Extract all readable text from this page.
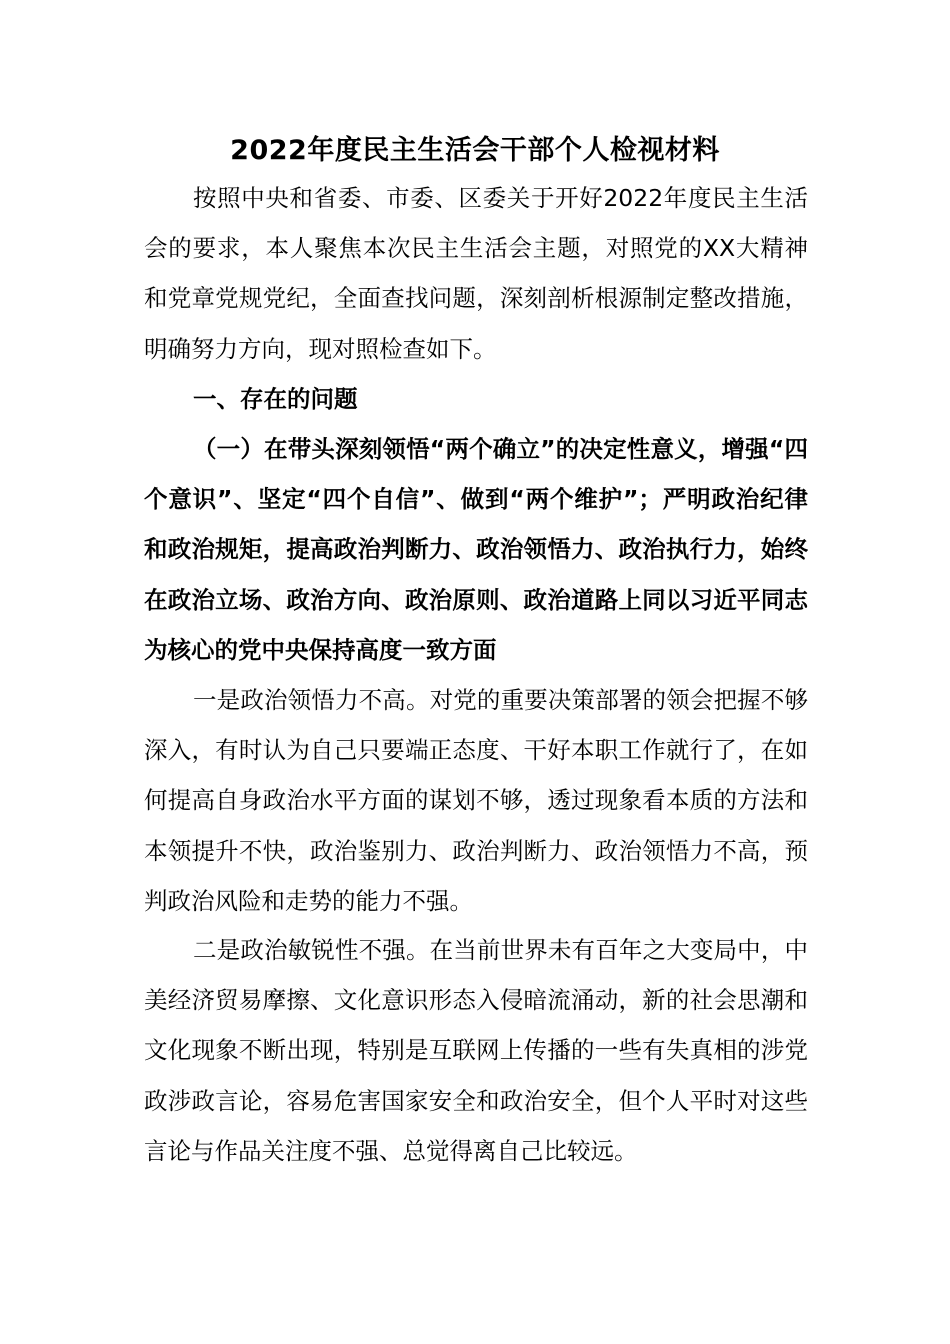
2022年度民主生活会干部个人检视材料

按照中央和省委、市委、区委关于开好2022年度民主生活会的要求，本人聚焦本次民主生活会主题，对照党的XX大精神和党章党规党纪，全面查找问题，深刻剖析根源制定整改措施，明确努力方向，现对照检查如下。

一、存在的问题

（一）在带头深刻领悟“两个确立”的决定性意义，增强“四个意识”、坚定“四个自信”、做到“两个维护”；严明政治纪律和政治规矩，提高政治判断力、政治领悟力、政治执行力，始终在政治立场、政治方向、政治原则、政治道路上同以习近平同志为核心的党中央保持高度一致方面

一是政治领悟力不高。对党的重要决策部署的领会把握不够深入，有时认为自己只要端正态度、干好本职工作就行了，在如何提高自身政治水平方面的谋划不够，透过现象看本质的方法和本领提升不快，政治鉴别力、政治判断力、政治领悟力不高，预判政治风险和走势的能力不强。

二是政治敏锐性不强。在当前世界未有百年之大变局中，中美经济贸易摩擦、文化意识形态入侵暗流涌动，新的社会思潮和文化现象不断出现，特别是互联网上传播的一些有失真相的涉党政涉政言论，容易危害国家安全和政治安全，但个人平时对这些言论与作品关注度不强、总觉得离自己比较远。
